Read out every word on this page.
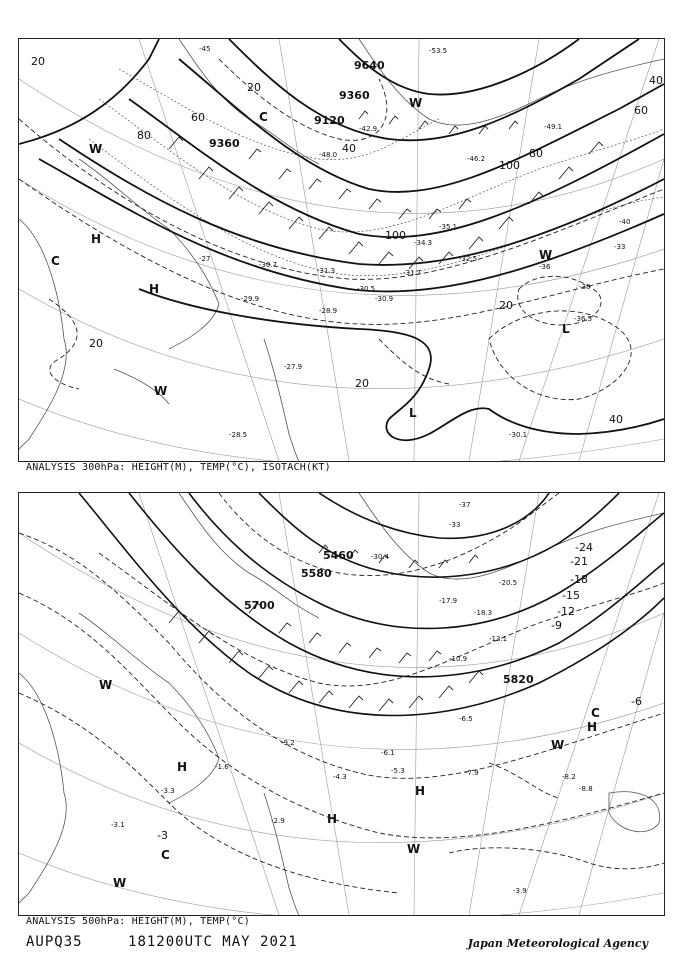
9640
9360
9120
9360
20
20
40
40
60
60
80
80
100
100
20
20
40
20
-27
-28.9
-29.9
-30.5
-30.7
-31.3
-32.5
-33
-34.3
-36.5
-30.1
-27.9
-28.5
-46.2
-49.1
-48.0
-53.5
-40
-42.9
-45
-36
-38
-30.9
-31.7
-35.1
H
H
L
L
C
C
W
W
W
W
ANALYSIS 300hPa: HEIGHT(M), TEMP(°C), ISOTACH(KT)
5460
5580
5700
5820
-3
-6
-9
-12
-15
-18
-21
-24
-7.9
-6.5
-6.1
-4.3
-3.9
-5.3
-8.2
-8.8
-18.3
-20.5
-17.9
-13.1
-10.9
-9.2
-3.1
-3.3
-2.9
-1.6
-33
-30.4
-37
H
H
H
H
C
C
W
W
W
W
ANALYSIS 500hPa: HEIGHT(M), TEMP(°C)
AUPQ35	181200UTC MAY 2021	Japan Meteorological Agency
